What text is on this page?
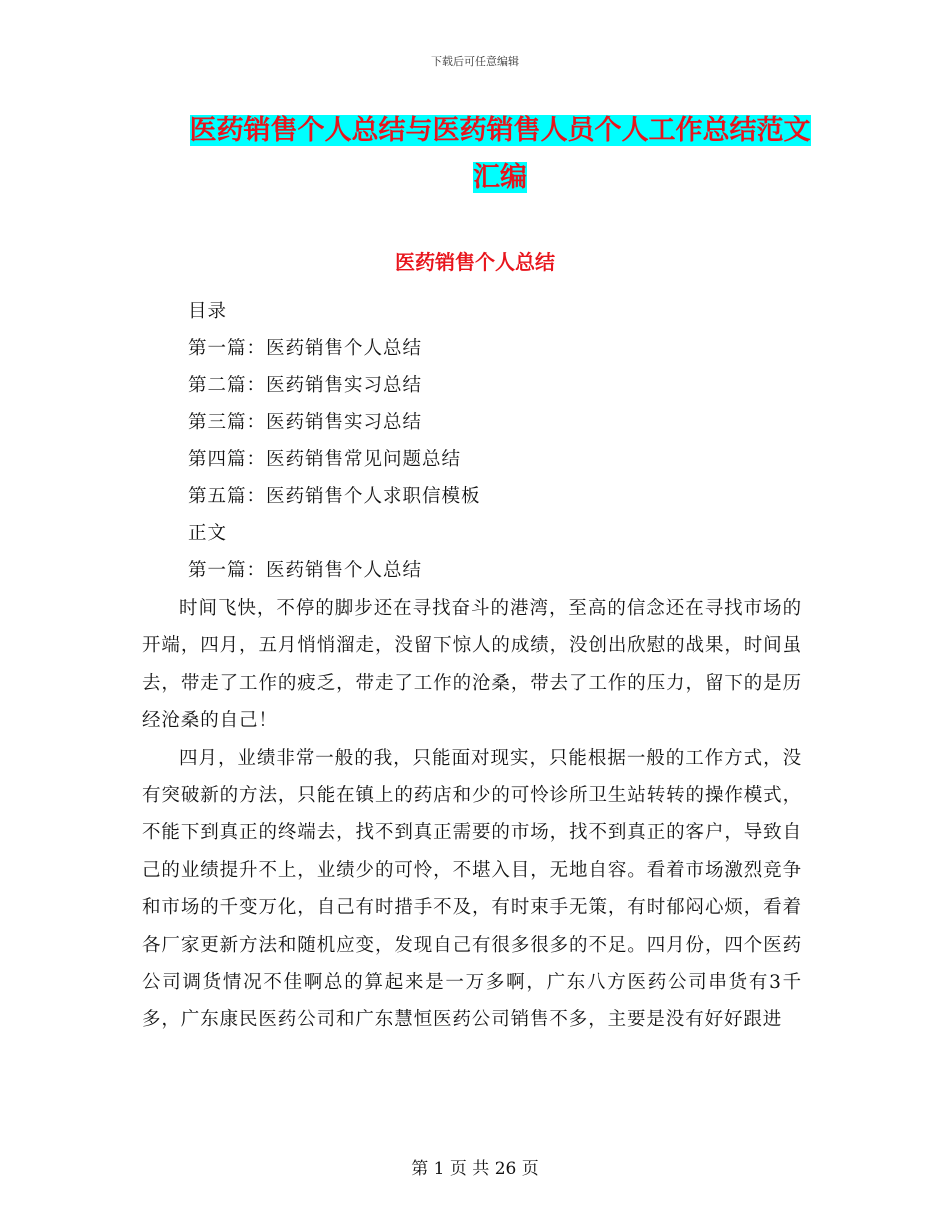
下载后可任意编辑
医药销售个人总结与医药销售人员个人工作总结范文
汇编
医药销售个人总结
目录
第一篇：医药销售个人总结
第二篇：医药销售实习总结
第三篇：医药销售实习总结
第四篇：医药销售常见问题总结
第五篇：医药销售个人求职信模板
正文
第一篇：医药销售个人总结

时间飞快，不停的脚步还在寻找奋斗的港湾，至高的信念还在寻找市场的开端，四月，五月悄悄溜走，没留下惊人的成绩，没创出欣慰的战果，时间虽去，带走了工作的疲乏，带走了工作的沧桑，带去了工作的压力，留下的是历经沧桑的自己！

四月，业绩非常一般的我，只能面对现实，只能根据一般的工作方式，没有突破新的方法，只能在镇上的药店和少的可怜诊所卫生站转转的操作模式，不能下到真正的终端去，找不到真正需要的市场，找不到真正的客户，导致自己的业绩提升不上，业绩少的可怜，不堪入目，无地自容。看着市场激烈竞争和市场的千变万化，自己有时措手不及，有时束手无策，有时郁闷心烦，看着各厂家更新方法和随机应变，发现自己有很多很多的不足。四月份，四个医药公司调货情况不佳啊总的算起来是一万多啊，广东八方医药公司串货有3千多，广东康民医药公司和广东慧恒医药公司销售不多，主要是没有好好跟进

第 1 页 共 26 页
